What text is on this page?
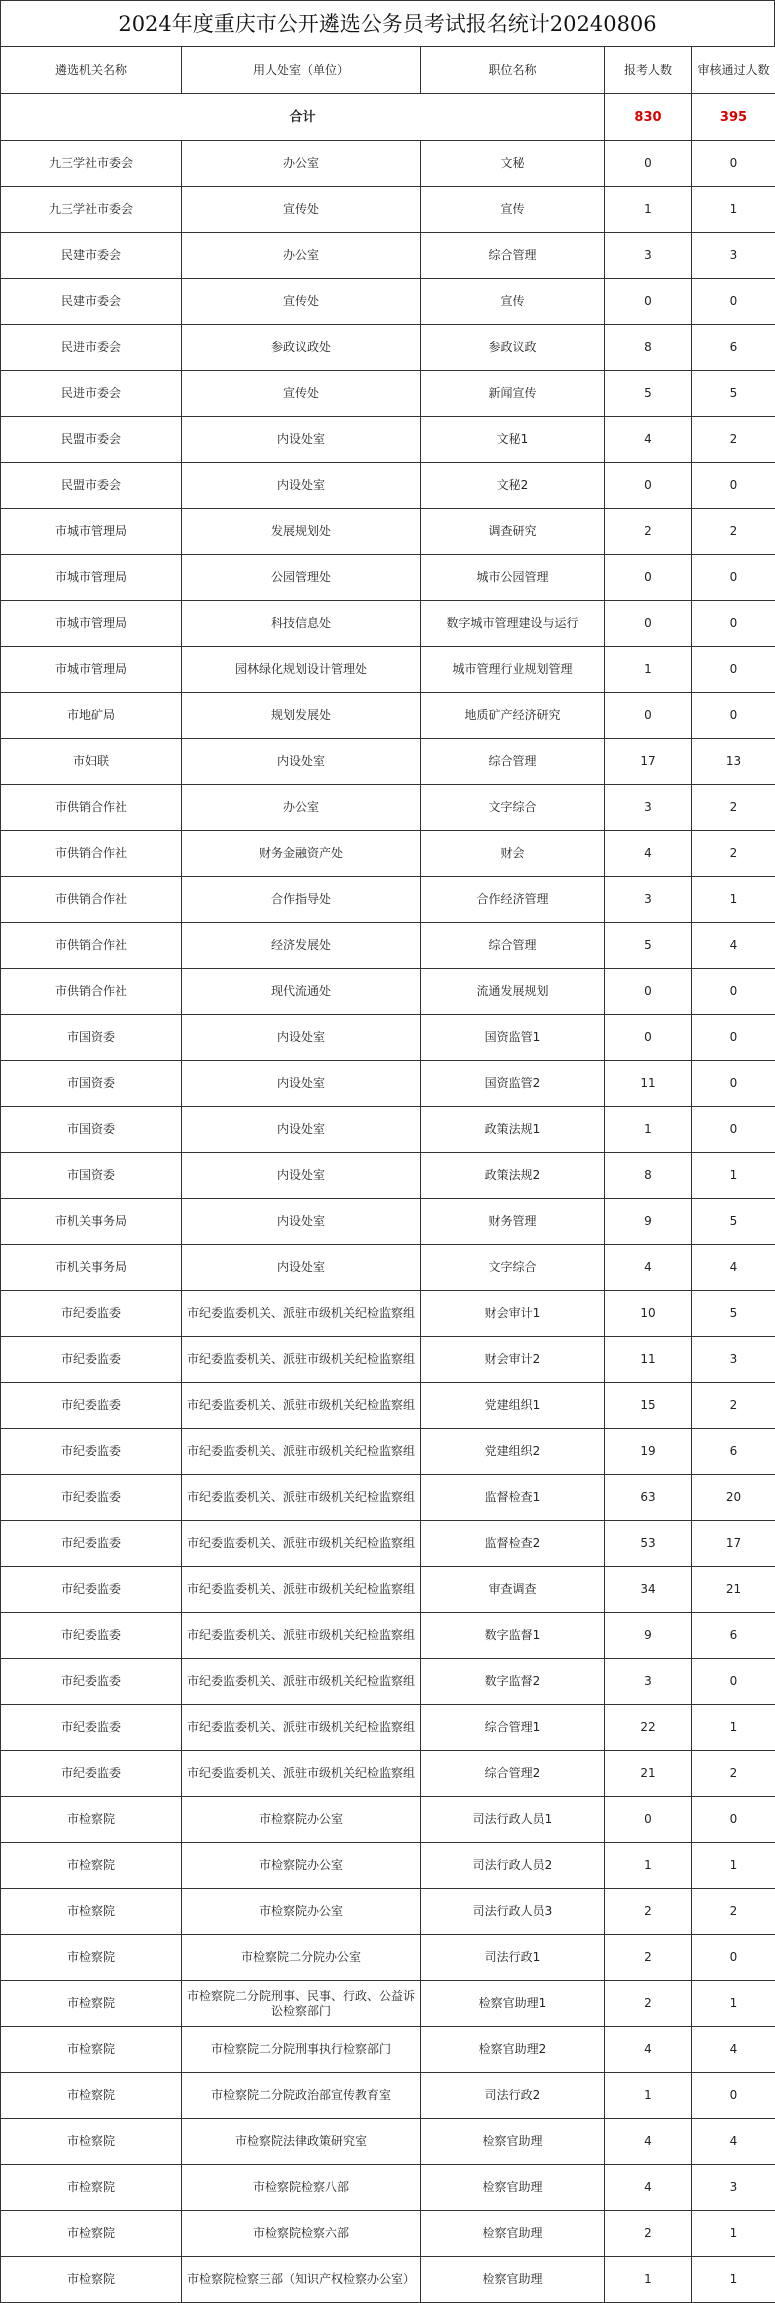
2024年度重庆市公开遴选公务员考试报名统计20240806
遴选机关名称	用人处室（单位）	职位名称	报考人数	审核通过人数
合计			830	395
九三学社市委会	办公室	文秘	0	0
九三学社市委会	宣传处	宣传	1	1
民建市委会	办公室	综合管理	3	3
民建市委会	宣传处	宣传	0	0
民进市委会	参政议政处	参政议政	8	6
民进市委会	宣传处	新闻宣传	5	5
民盟市委会	内设处室	文秘1	4	2
民盟市委会	内设处室	文秘2	0	0
市城市管理局	发展规划处	调查研究	2	2
市城市管理局	公园管理处	城市公园管理	0	0
市城市管理局	科技信息处	数字城市管理建设与运行	0	0
市城市管理局	园林绿化规划设计管理处	城市管理行业规划管理	1	0
市地矿局	规划发展处	地质矿产经济研究	0	0
市妇联	内设处室	综合管理	17	13
市供销合作社	办公室	文字综合	3	2
市供销合作社	财务金融资产处	财会	4	2
市供销合作社	合作指导处	合作经济管理	3	1
市供销合作社	经济发展处	综合管理	5	4
市供销合作社	现代流通处	流通发展规划	0	0
市国资委	内设处室	国资监管1	0	0
市国资委	内设处室	国资监管2	11	0
市国资委	内设处室	政策法规1	1	0
市国资委	内设处室	政策法规2	8	1
市机关事务局	内设处室	财务管理	9	5
市机关事务局	内设处室	文字综合	4	4
市纪委监委	市纪委监委机关、派驻市级机关纪检监察组	财会审计1	10	5
市纪委监委	市纪委监委机关、派驻市级机关纪检监察组	财会审计2	11	3
市纪委监委	市纪委监委机关、派驻市级机关纪检监察组	党建组织1	15	2
市纪委监委	市纪委监委机关、派驻市级机关纪检监察组	党建组织2	19	6
市纪委监委	市纪委监委机关、派驻市级机关纪检监察组	监督检查1	63	20
市纪委监委	市纪委监委机关、派驻市级机关纪检监察组	监督检查2	53	17
市纪委监委	市纪委监委机关、派驻市级机关纪检监察组	审查调查	34	21
市纪委监委	市纪委监委机关、派驻市级机关纪检监察组	数字监督1	9	6
市纪委监委	市纪委监委机关、派驻市级机关纪检监察组	数字监督2	3	0
市纪委监委	市纪委监委机关、派驻市级机关纪检监察组	综合管理1	22	1
市纪委监委	市纪委监委机关、派驻市级机关纪检监察组	综合管理2	21	2
市检察院	市检察院办公室	司法行政人员1	0	0
市检察院	市检察院办公室	司法行政人员2	1	1
市检察院	市检察院办公室	司法行政人员3	2	2
市检察院	市检察院二分院办公室	司法行政1	2	0
市检察院	市检察院二分院刑事、民事、行政、公益诉讼检察部门	检察官助理1	2	1
市检察院	市检察院二分院刑事执行检察部门	检察官助理2	4	4
市检察院	市检察院二分院政治部宣传教育室	司法行政2	1	0
市检察院	市检察院法律政策研究室	检察官助理	4	4
市检察院	市检察院检察八部	检察官助理	4	3
市检察院	市检察院检察六部	检察官助理	2	1
市检察院	市检察院检察三部（知识产权检察办公室）	检察官助理	1	1
